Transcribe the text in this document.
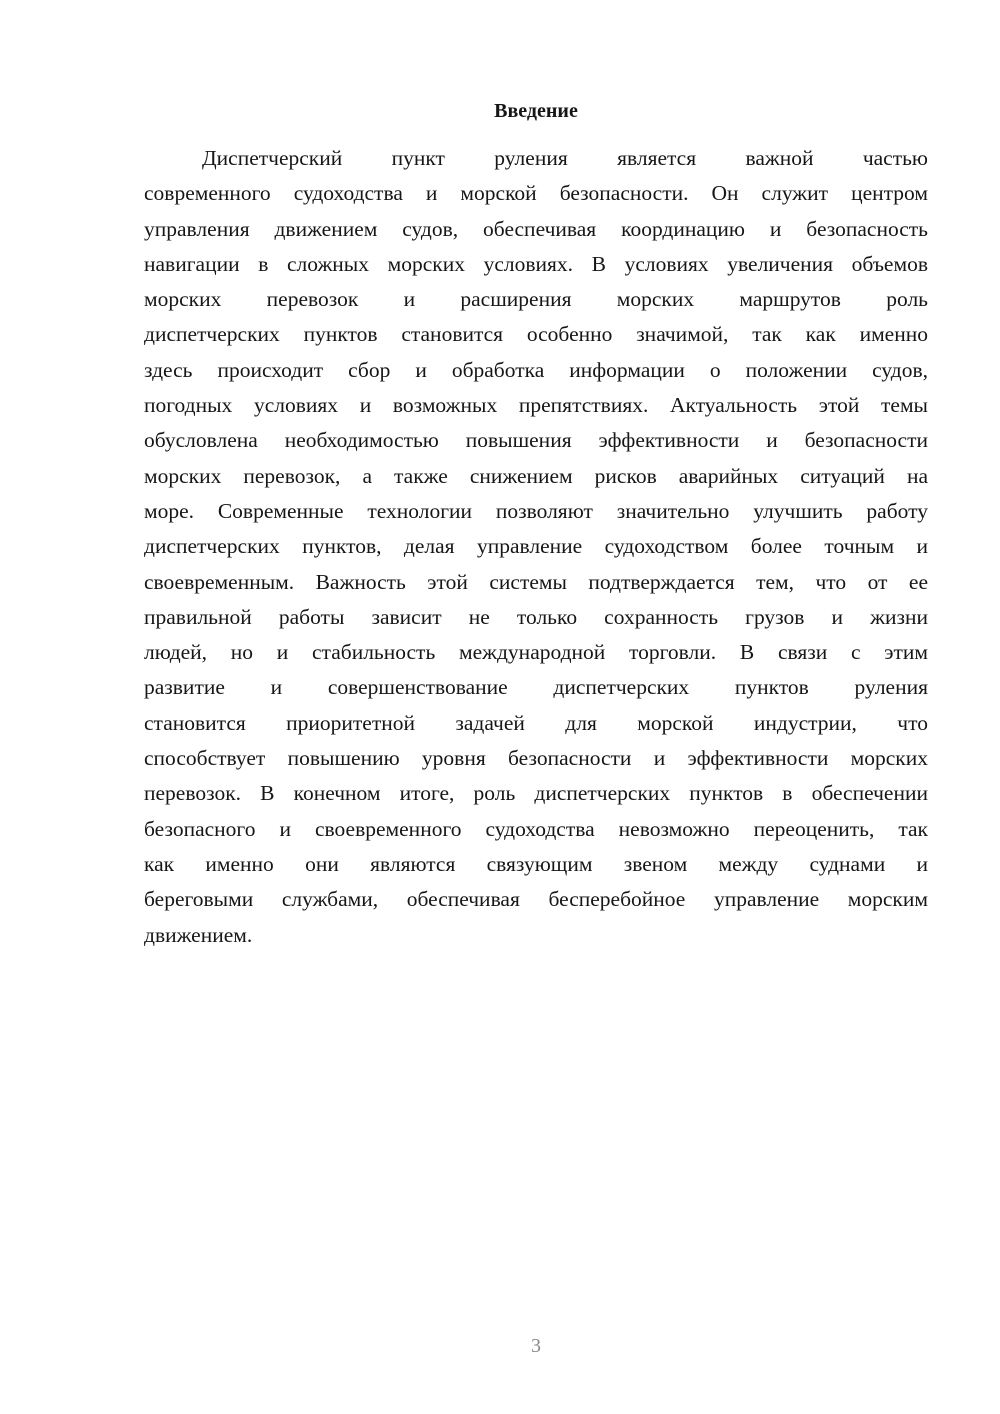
Введение
Диспетчерский пункт руления является важной частью
современного судоходства и морской безопасности. Он служит центром
управления движением судов, обеспечивая координацию и безопасность
навигации в сложных морских условиях. В условиях увеличения объемов
морских перевозок и расширения морских маршрутов роль
диспетчерских пунктов становится особенно значимой, так как именно
здесь происходит сбор и обработка информации о положении судов,
погодных условиях и возможных препятствиях. Актуальность этой темы
обусловлена необходимостью повышения эффективности и безопасности
морских перевозок, а также снижением рисков аварийных ситуаций на
море. Современные технологии позволяют значительно улучшить работу
диспетчерских пунктов, делая управление судоходством более точным и
своевременным. Важность этой системы подтверждается тем, что от ее
правильной работы зависит не только сохранность грузов и жизни
людей, но и стабильность международной торговли. В связи с этим
развитие и совершенствование диспетчерских пунктов руления
становится приоритетной задачей для морской индустрии, что
способствует повышению уровня безопасности и эффективности морских
перевозок. В конечном итоге, роль диспетчерских пунктов в обеспечении
безопасного и своевременного судоходства невозможно переоценить, так
как именно они являются связующим звеном между суднами и
береговыми службами, обеспечивая бесперебойное управление морским
движением.
3
